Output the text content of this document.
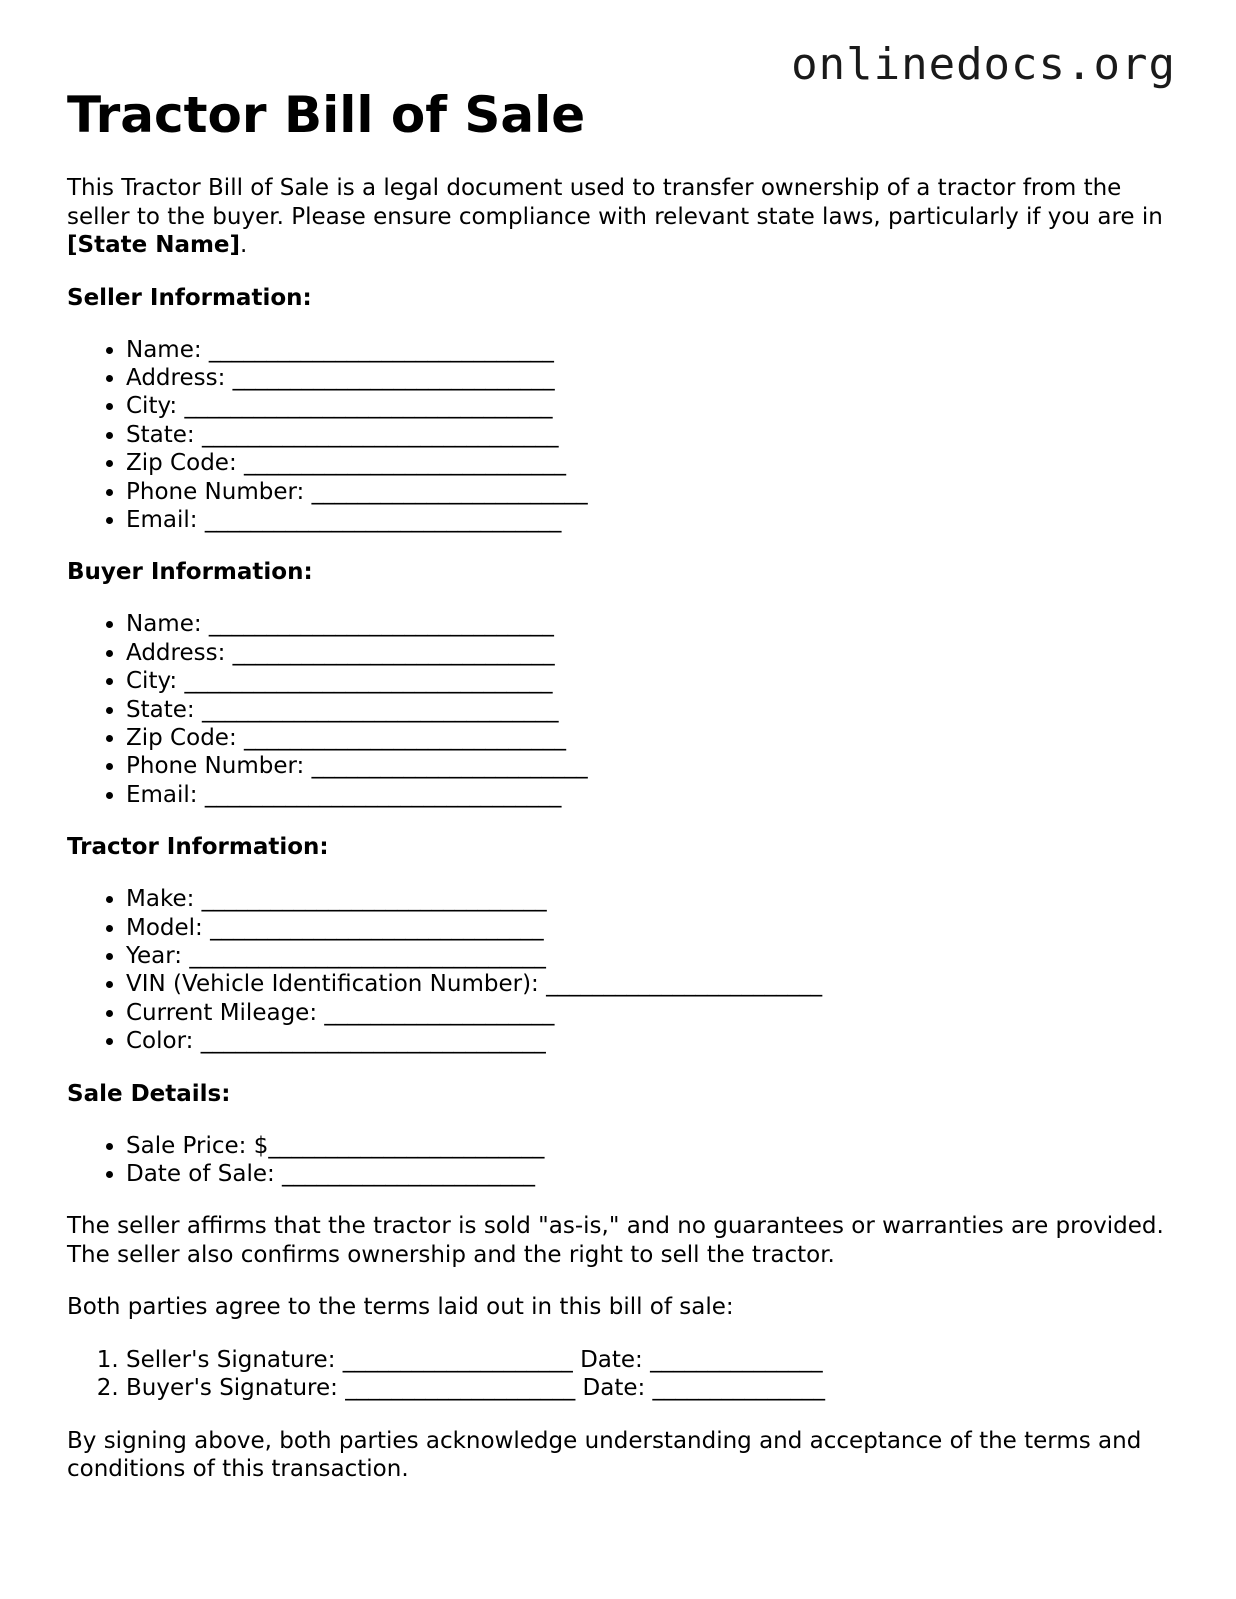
onlinedocs.org
Tractor Bill of Sale

This Tractor Bill of Sale is a legal document used to transfer ownership of a tractor from the seller to the buyer. Please ensure compliance with relevant state laws, particularly if you are in [State Name].

Seller Information:
• Name: ______________________________
• Address: ____________________________
• City: ________________________________
• State: _______________________________
• Zip Code: ____________________________
• Phone Number: ________________________
• Email: _______________________________
Buyer Information:
• Name: ______________________________
• Address: ____________________________
• City: ________________________________
• State: _______________________________
• Zip Code: ____________________________
• Phone Number: ________________________
• Email: _______________________________
Tractor Information:
• Make: ______________________________
• Model: _____________________________
• Year: _______________________________
• VIN (Vehicle Identification Number): ________________________
• Current Mileage: ____________________
• Color: ______________________________
Sale Details:
• Sale Price: $________________________
• Date of Sale: ______________________

The seller affirms that the tractor is sold "as-is," and no guarantees or warranties are provided. The seller also confirms ownership and the right to sell the tractor.

Both parties agree to the terms laid out in this bill of sale:

1. Seller's Signature: ____________________ Date: _______________
2. Buyer's Signature: ____________________ Date: _______________

By signing above, both parties acknowledge understanding and acceptance of the terms and conditions of this transaction.
